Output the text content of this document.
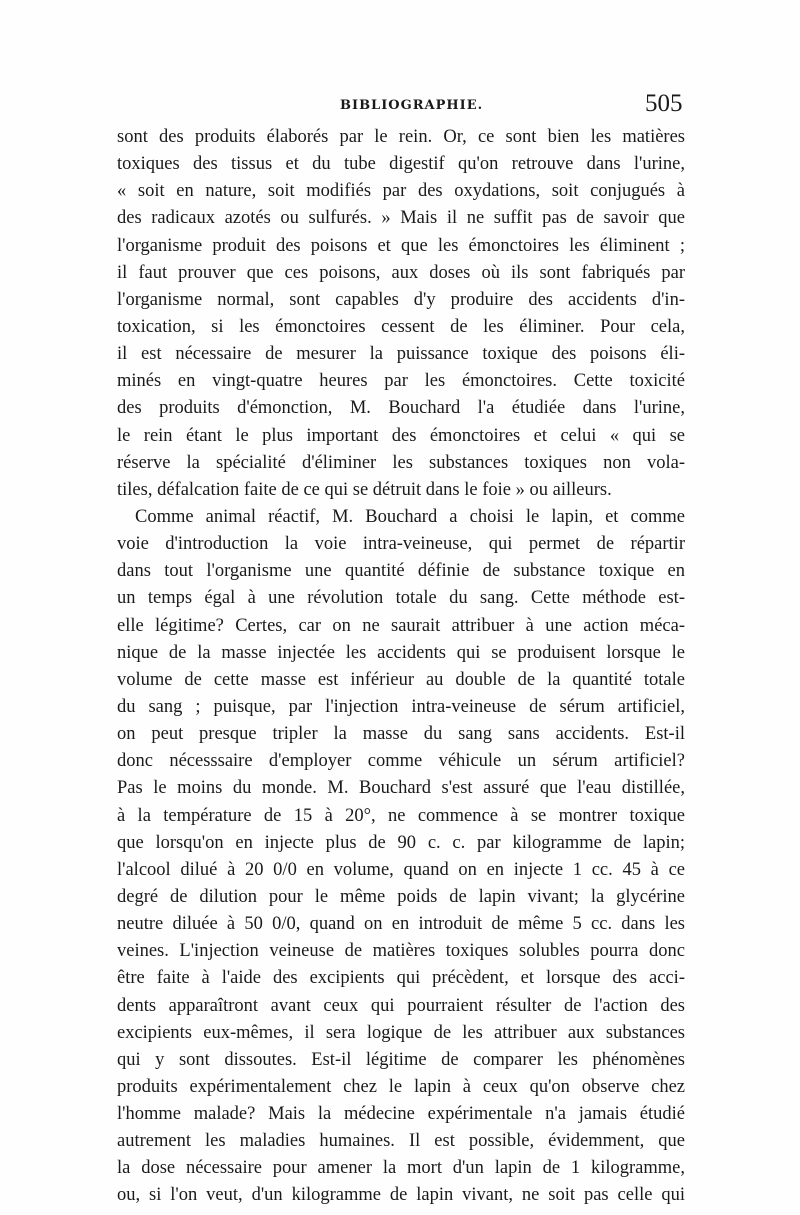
BIBLIOGRAPHIE.	505
sont des produits élaborés par le rein. Or, ce sont bien les matières
toxiques des tissus et du tube digestif qu'on retrouve dans l'urine,
« soit en nature, soit modifiés par des oxydations, soit conjugués à
des radicaux azotés ou sulfurés. » Mais il ne suffit pas de savoir que
l'organisme produit des poisons et que les émonctoires les éliminent ;
il faut prouver que ces poisons, aux doses où ils sont fabriqués par
l'organisme normal, sont capables d'y produire des accidents d'in-
toxication, si les émonctoires cessent de les éliminer. Pour cela,
il est nécessaire de mesurer la puissance toxique des poisons éli-
minés en vingt-quatre heures par les émonctoires. Cette toxicité
des produits d'émonction, M. Bouchard l'a étudiée dans l'urine,
le rein étant le plus important des émonctoires et celui « qui se
réserve la spécialité d'éliminer les substances toxiques non vola-
tiles, défalcation faite de ce qui se détruit dans le foie » ou ailleurs.
Comme animal réactif, M. Bouchard a choisi le lapin, et comme
voie d'introduction la voie intra-veineuse, qui permet de répartir
dans tout l'organisme une quantité définie de substance toxique en
un temps égal à une révolution totale du sang. Cette méthode est-
elle légitime? Certes, car on ne saurait attribuer à une action méca-
nique de la masse injectée les accidents qui se produisent lorsque le
volume de cette masse est inférieur au double de la quantité totale
du sang ; puisque, par l'injection intra-veineuse de sérum artificiel,
on peut presque tripler la masse du sang sans accidents. Est-il
donc nécesssaire d'employer comme véhicule un sérum artificiel?
Pas le moins du monde. M. Bouchard s'est assuré que l'eau distillée,
à la température de 15 à 20°, ne commence à se montrer toxique
que lorsqu'on en injecte plus de 90 c. c. par kilogramme de lapin;
l'alcool dilué à 20 0/0 en volume, quand on en injecte 1 cc. 45 à ce
degré de dilution pour le même poids de lapin vivant; la glycérine
neutre diluée à 50 0/0, quand on en introduit de même 5 cc. dans les
veines. L'injection veineuse de matières toxiques solubles pourra donc
être faite à l'aide des excipients qui précèdent, et lorsque des acci-
dents apparaîtront avant ceux qui pourraient résulter de l'action des
excipients eux-mêmes, il sera logique de les attribuer aux substances
qui y sont dissoutes. Est-il légitime de comparer les phénomènes
produits expérimentalement chez le lapin à ceux qu'on observe chez
l'homme malade? Mais la médecine expérimentale n'a jamais étudié
autrement les maladies humaines. Il est possible, évidemment, que
la dose nécessaire pour amener la mort d'un lapin de 1 kilogramme,
ou, si l'on veut, d'un kilogramme de lapin vivant, ne soit pas celle qui
